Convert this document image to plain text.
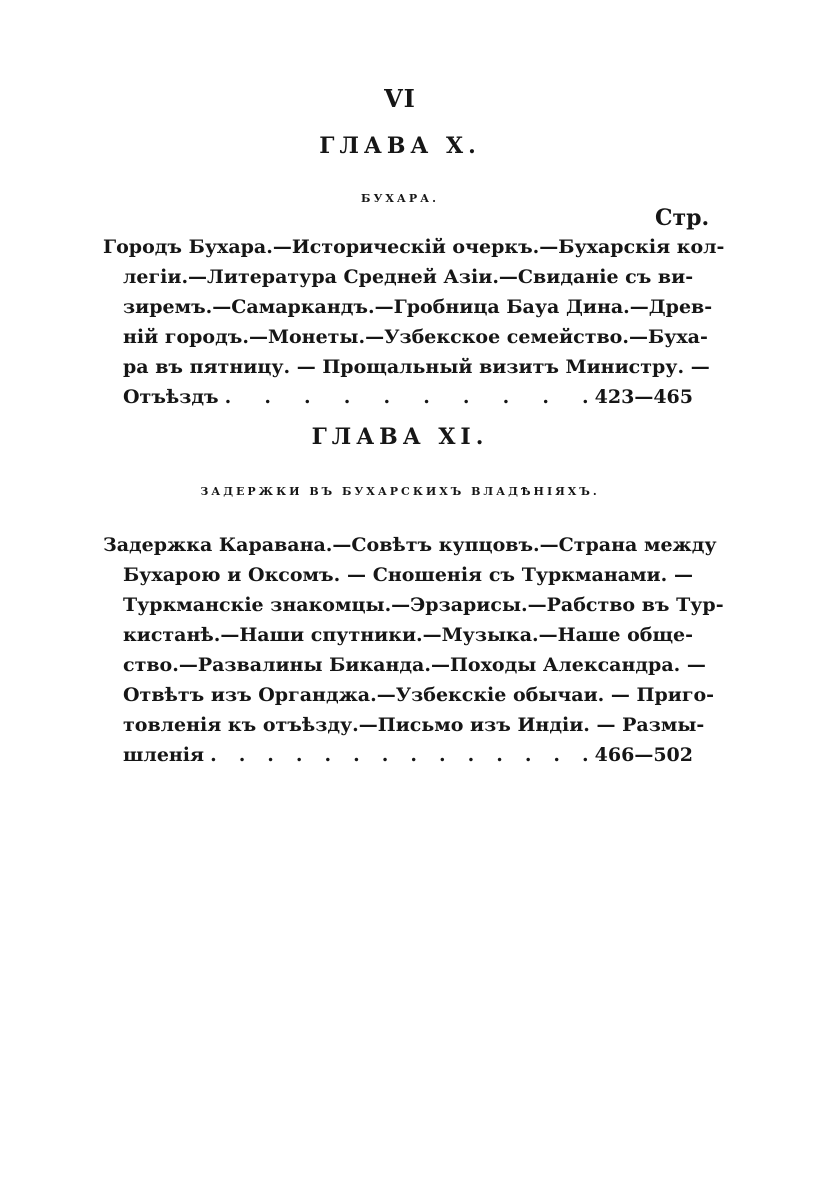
VI
ГЛАВА X.
БУХАРА.
Стр.
Городъ Бухара.—Историческій очеркъ.—Бухарскія кол-
легіи.—Литература Средней Азіи.—Свиданіе съ ви-
зиремъ.—Самаркандъ.—Гробница Бауа Дина.—Древ-
ній городъ.—Монеты.—Узбекское семейство.—Буха-
ра въ пятницу. — Прощальный визитъ Министру. —
Отъѣздъ . . . . . . . . . . 423—465
ГЛАВА XI.
ЗАДЕРЖКИ ВЪ БУХАРСКИХЪ ВЛАДѢНІЯХЪ.
Задержка Каравана.—Совѣтъ купцовъ.—Страна между
Бухарою и Оксомъ. — Сношенія съ Туркманами. —
Туркманскіе знакомцы.—Эрзарисы.—Рабство въ Тур-
кистанѣ.—Наши спутники.—Музыка.—Наше обще-
ство.—Развалины Биканда.—Походы Александра. —
Отвѣтъ изъ Органджа.—Узбекскіе обычаи. — Приго-
товленія къ отъѣзду.—Письмо изъ Индіи. — Размы-
шленія . . . . . . . . . . . . . . 466—502
